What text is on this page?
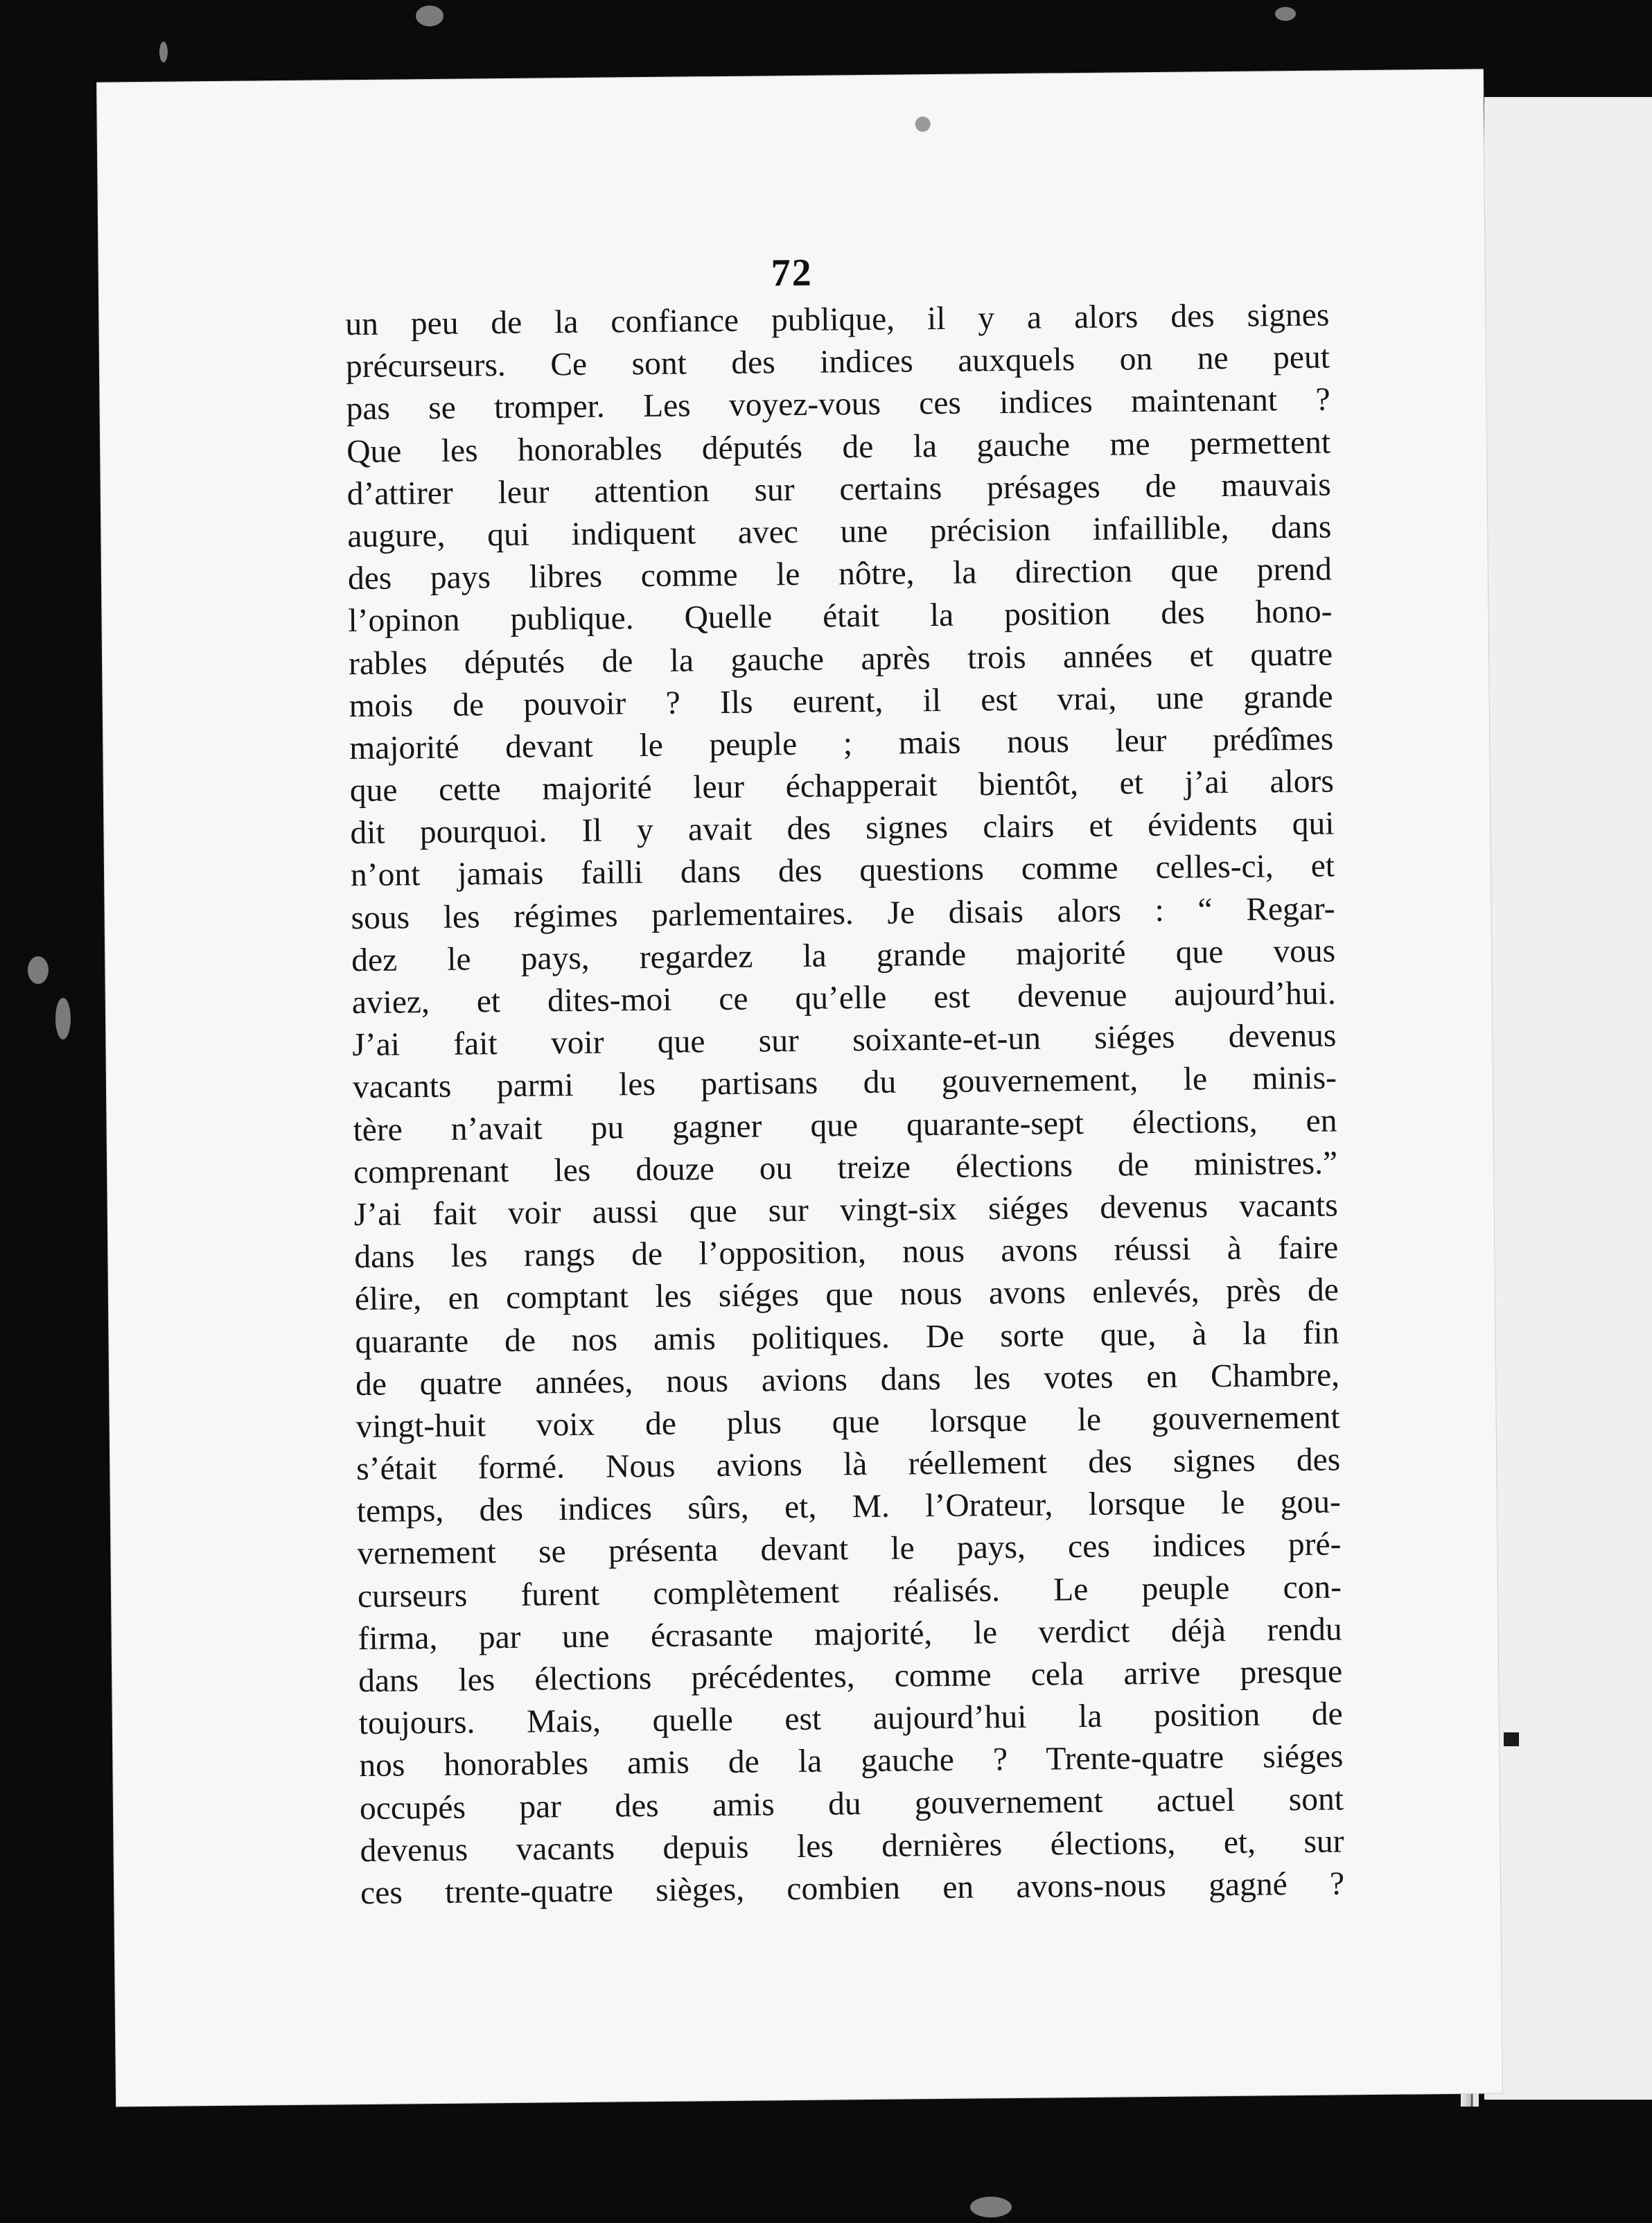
72
un peu de la confiance publique, il y a alors des signes
précurseurs. Ce sont des indices auxquels on ne peut
pas se tromper. Les voyez-vous ces indices maintenant ?
Que les honorables députés de la gauche me permettent
d’attirer leur attention sur certains présages de mauvais
augure, qui indiquent avec une précision infaillible, dans
des pays libres comme le nôtre, la direction que prend
l’opinon publique. Quelle était la position des hono-
rables députés de la gauche après trois années et quatre
mois de pouvoir ? Ils eurent, il est vrai, une grande
majorité devant le peuple ; mais nous leur prédîmes
que cette majorité leur échapperait bientôt, et j’ai alors
dit pourquoi. Il y avait des signes clairs et évidents qui
n’ont jamais failli dans des questions comme celles-ci, et
sous les régimes parlementaires. Je disais alors : “ Regar-
dez le pays, regardez la grande majorité que vous
aviez, et dites-moi ce qu’elle est devenue aujourd’hui.
J’ai fait voir que sur soixante-et-un siéges devenus
vacants parmi les partisans du gouvernement, le minis-
tère n’avait pu gagner que quarante-sept élections, en
comprenant les douze ou treize élections de ministres.”
J’ai fait voir aussi que sur vingt-six siéges devenus vacants
dans les rangs de l’opposition, nous avons réussi à faire
élire, en comptant les siéges que nous avons enlevés, près de
quarante de nos amis politiques. De sorte que, à la fin
de quatre années, nous avions dans les votes en Chambre,
vingt-huit voix de plus que lorsque le gouvernement
s’était formé. Nous avions là réellement des signes des
temps, des indices sûrs, et, M. l’Orateur, lorsque le gou-
vernement se présenta devant le pays, ces indices pré-
curseurs furent complètement réalisés. Le peuple con-
firma, par une écrasante majorité, le verdict déjà rendu
dans les élections précédentes, comme cela arrive presque
toujours. Mais, quelle est aujourd’hui la position de
nos honorables amis de la gauche ? Trente-quatre siéges
occupés par des amis du gouvernement actuel sont
devenus vacants depuis les dernières élections, et, sur
ces trente-quatre sièges, combien en avons-nous gagné ?
